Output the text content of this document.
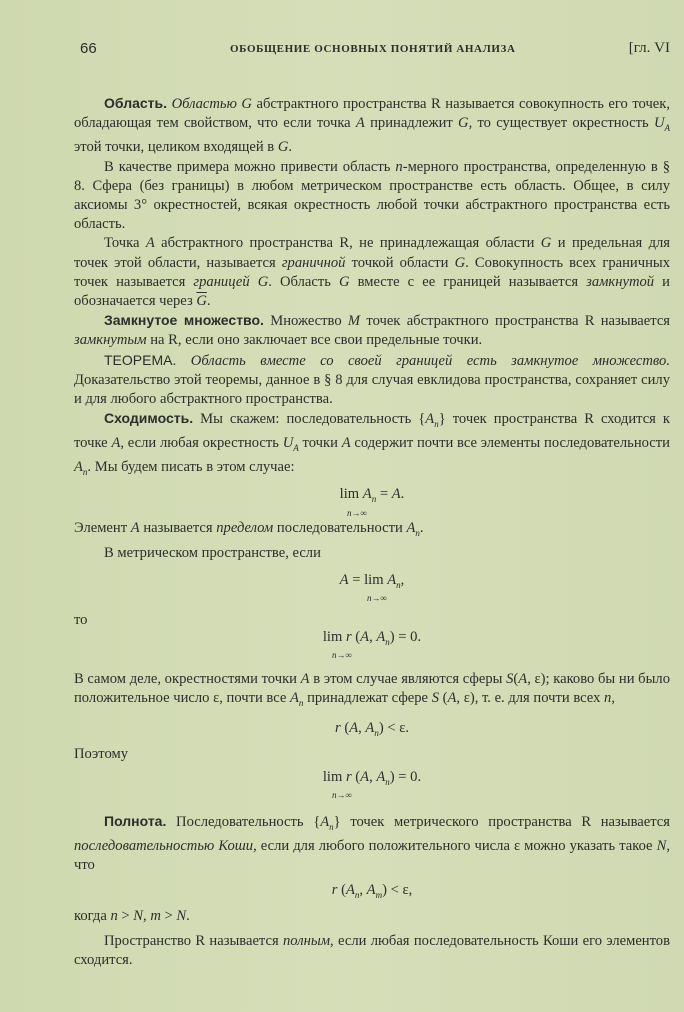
66	ОБОБЩЕНИЕ ОСНОВНЫХ ПОНЯТИЙ АНАЛИЗА	[гл. VI

Область. Областью G абстрактного пространства R называется совокупность его точек, обладающая тем свойством, что если точка A принадлежит G, то существует окрестность $U_A$ этой точки, целиком входящей в G.

В качестве примера можно привести область n-мерного пространства, определенную в § 8. Сфера (без границы) в любом метрическом пространстве есть область. Общее, в силу аксиомы 3° окрестностей, всякая окрестность любой точки абстрактного пространства есть область.

Точка A абстрактного пространства R, не принадлежащая области G и предельная для точек этой области, называется граничной точкой области G. Совокупность всех граничных точек называется границей G. Область G вместе с ее границей называется замкнутой и обозначается через $\overline{G}$.

Замкнутое множество. Множество M точек абстрактного пространства R называется замкнутым на R, если оно заключает все свои предельные точки.

ТЕОРЕМА. Область вместе со своей границей есть замкнутое множество. Доказательство этой теоремы, данное в § 8 для случая евклидова пространства, сохраняет силу и для любого абстрактного пространства.

Сходимость. Мы скажем: последовательность $\{A_n\}$ точек пространства R сходится к точке A, если любая окрестность $U_A$ точки A содержит почти все элементы последовательности $A_n$. Мы будем писать в этом случае:

$\lim A_n = A$.
n→∞

Элемент A называется пределом последовательности $A_n$.

В метрическом пространстве, если

$A = \lim A_n$,
n→∞

то

lim r (A, $A_n) = 0$.
n→∞

В самом деле, окрестностями точки A в этом случае являются сферы S(A, ε); каково бы ни было положительное число ε, почти все $A_n$ принадлежат сфере S (A, ε), т. е. для почти всех n,

r (A, $A_n) < \varepsilon$.

Поэтому

lim r (A, $A_n) = 0$.
n→∞

Полнота. Последовательность $\{A_n\}$ точек метрического пространства R называется последовательностью Коши, если для любого положительного числа ε можно указать такое N, что

r ($A_n$, $A_m) < \varepsilon$,

когда n > N, m > N.

Пространство R называется полным, если любая последовательность Коши его элементов сходится.
